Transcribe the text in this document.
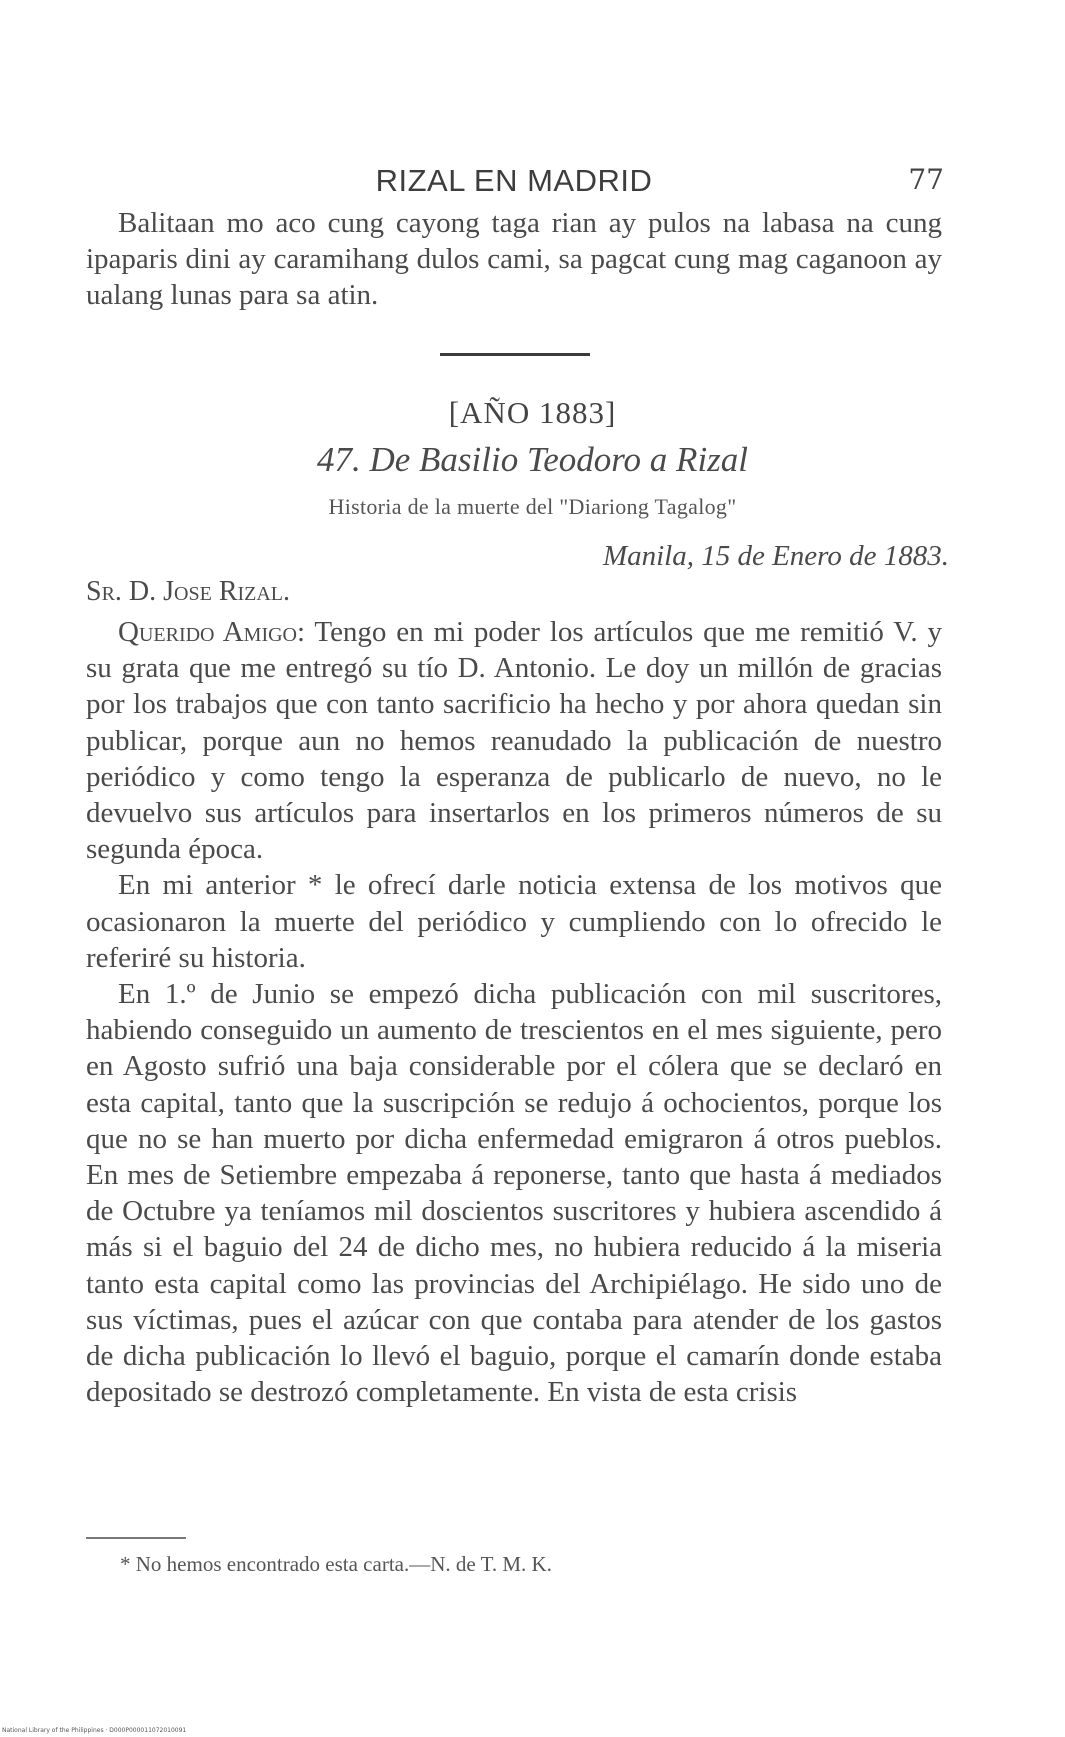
RIZAL EN MADRID	77
Balitaan mo aco cung cayong taga rian ay pulos na labasa na cung ipaparis dini ay caramihang dulos cami, sa pagcat cung mag caganoon ay ualang lunas para sa atin.
[AÑO 1883]
47. De Basilio Teodoro a Rizal
Historia de la muerte del "Diariong Tagalog"
Manila, 15 de Enero de 1883.
Sr. D. Jose Rizal.

Querido Amigo: Tengo en mi poder los artículos que me remitió V. y su grata que me entregó su tío D. Antonio. Le doy un millón de gracias por los trabajos que con tanto sacrificio ha hecho y por ahora quedan sin publicar, porque aun no hemos reanudado la publicación de nuestro periódico y como tengo la esperanza de publicarlo de nuevo, no le devuelvo sus artículos para insertarlos en los primeros números de su segunda época.

En mi anterior * le ofrecí darle noticia extensa de los motivos que ocasionaron la muerte del periódico y cumpliendo con lo ofrecido le referiré su historia.

En 1.º de Junio se empezó dicha publicación con mil suscritores, habiendo conseguido un aumento de trescientos en el mes siguiente, pero en Agosto sufrió una baja considerable por el cólera que se declaró en esta capital, tanto que la suscripción se redujo á ochocientos, porque los que no se han muerto por dicha enfermedad emigraron á otros pueblos. En mes de Setiembre empezaba á reponerse, tanto que hasta á mediados de Octubre ya teníamos mil doscientos suscritores y hubiera ascendido á más si el baguio del 24 de dicho mes, no hubiera reducido á la miseria tanto esta capital como las provincias del Archipiélago. He sido uno de sus víctimas, pues el azúcar con que contaba para atender de los gastos de dicha publicación lo llevó el baguio, porque el camarín donde estaba depositado se destrozó completamente. En vista de esta crisis

* No hemos encontrado esta carta.—N. de T. M. K.
National Library of the Philippines · D000P000011072010091
